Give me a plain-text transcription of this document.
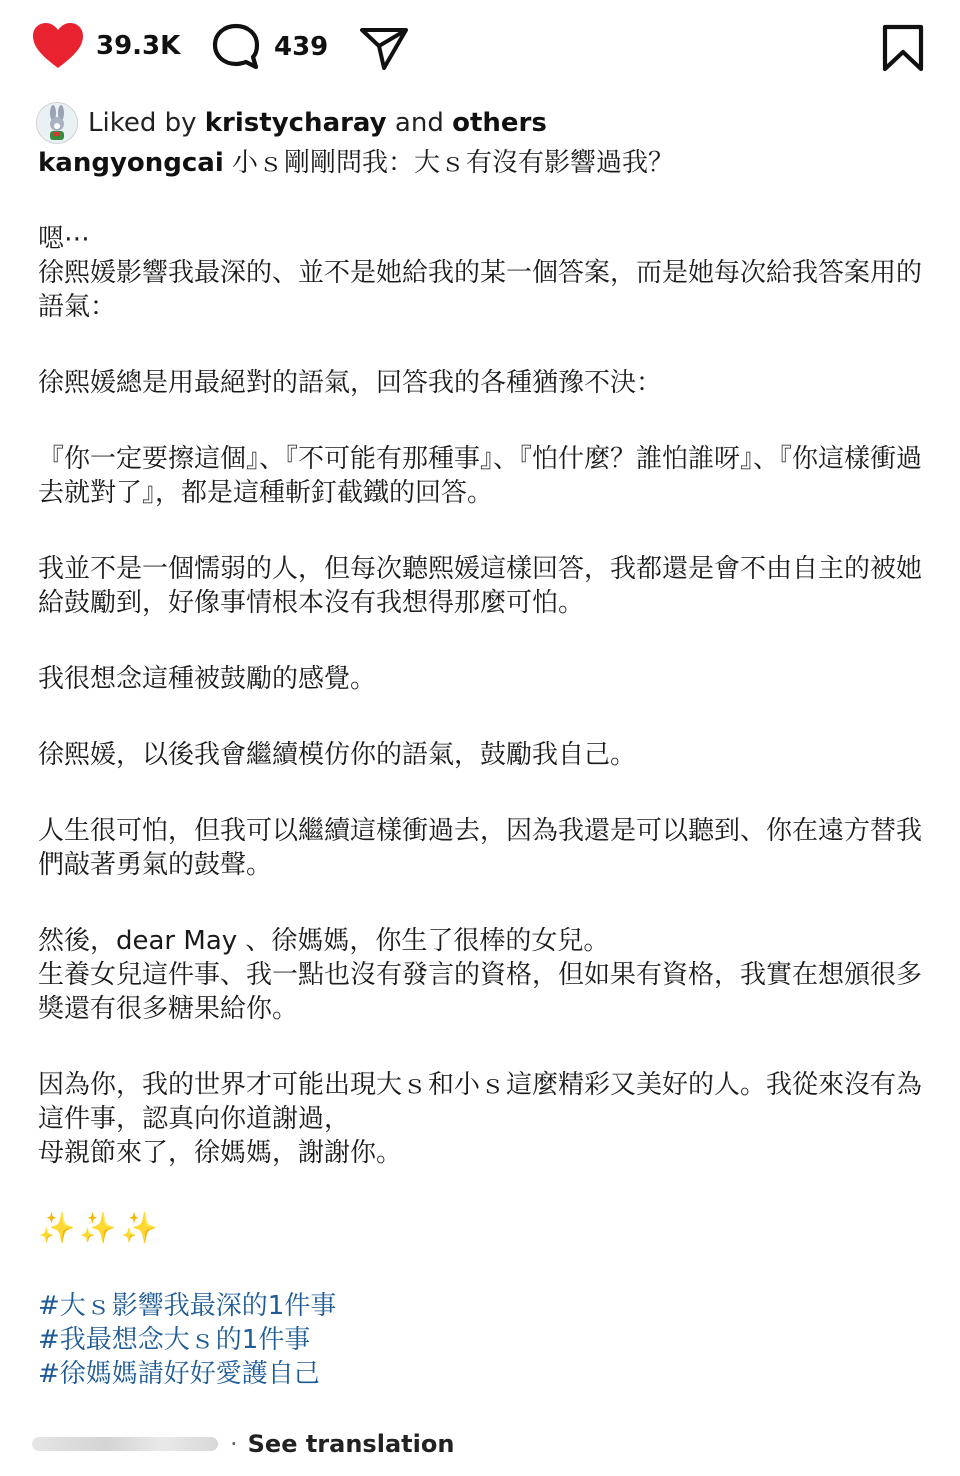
39.3K	439
Liked by kristycharay and others

kangyongcai 小ｓ剛剛問我：大ｓ有沒有影響過我？

嗯⋯
徐熙媛影響我最深的、並不是她給我的某一個答案，而是她每次給我答案用的語氣：

徐熙媛總是用最絕對的語氣，回答我的各種猶豫不決：

『你一定要擦這個』、『不可能有那種事』、『怕什麼？誰怕誰呀』、『你這樣衝過去就對了』，都是這種斬釘截鐵的回答。

我並不是一個懦弱的人，但每次聽熙媛這樣回答，我都還是會不由自主的被她給鼓勵到，好像事情根本沒有我想得那麼可怕。

我很想念這種被鼓勵的感覺。

徐熙媛，以後我會繼續模仿你的語氣，鼓勵我自己。

人生很可怕，但我可以繼續這樣衝過去，因為我還是可以聽到、你在遠方替我們敲著勇氣的鼓聲。

然後，dear May 、徐媽媽，你生了很棒的女兒。
生養女兒這件事、我一點也沒有發言的資格，但如果有資格，我實在想頒很多獎還有很多糖果給你。

因為你，我的世界才可能出現大ｓ和小ｓ這麼精彩又美好的人。我從來沒有為這件事，認真向你道謝過，
母親節來了，徐媽媽，謝謝你。

✨✨✨

#大ｓ影響我最深的1件事
#我最想念大ｓ的1件事
#徐媽媽請好好愛護自己

· See translation
